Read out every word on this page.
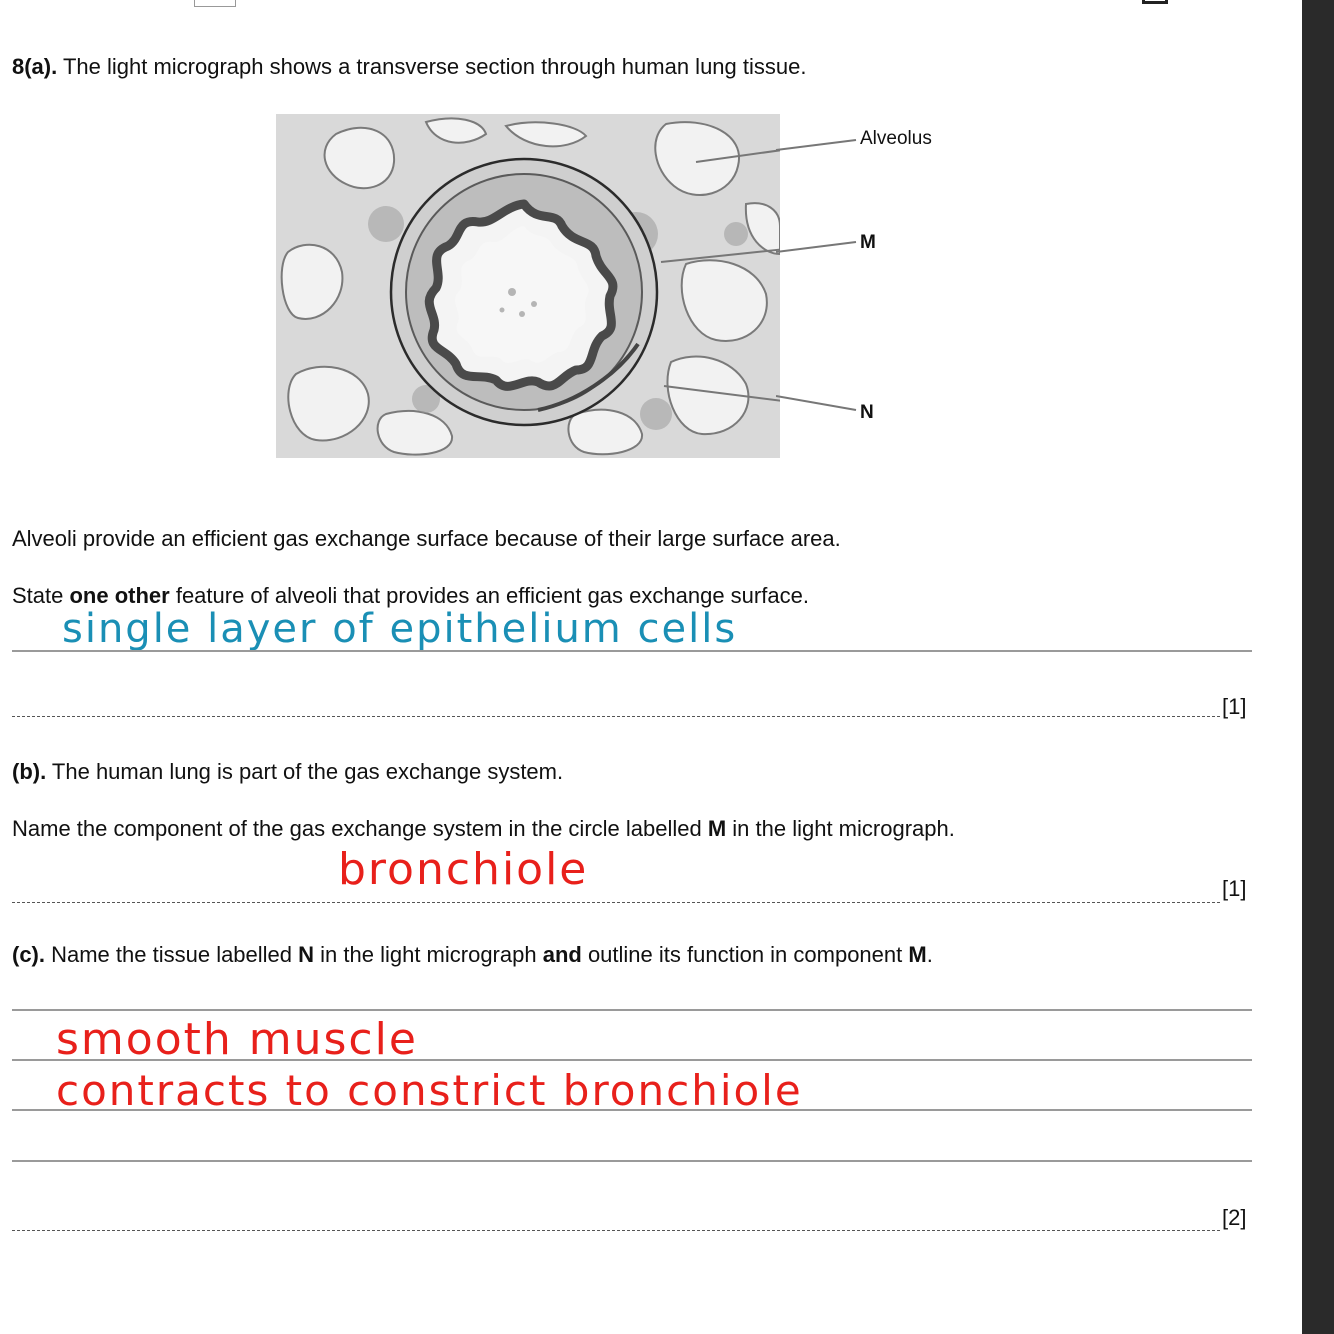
8(a). The light micrograph shows a transverse section through human lung tissue.
Alveolus
M
N
Alveoli provide an efficient gas exchange surface because of their large surface area.
State one other feature of alveoli that provides an efficient gas exchange surface.
single layer of epithelium cells
[1]
(b). The human lung is part of the gas exchange system.
Name the component of the gas exchange system in the circle labelled M in the light micrograph.
bronchiole	[1]
(c). Name the tissue labelled N in the light micrograph and outline its function in component M.
smooth muscle
contracts to constrict bronchiole
[2]
